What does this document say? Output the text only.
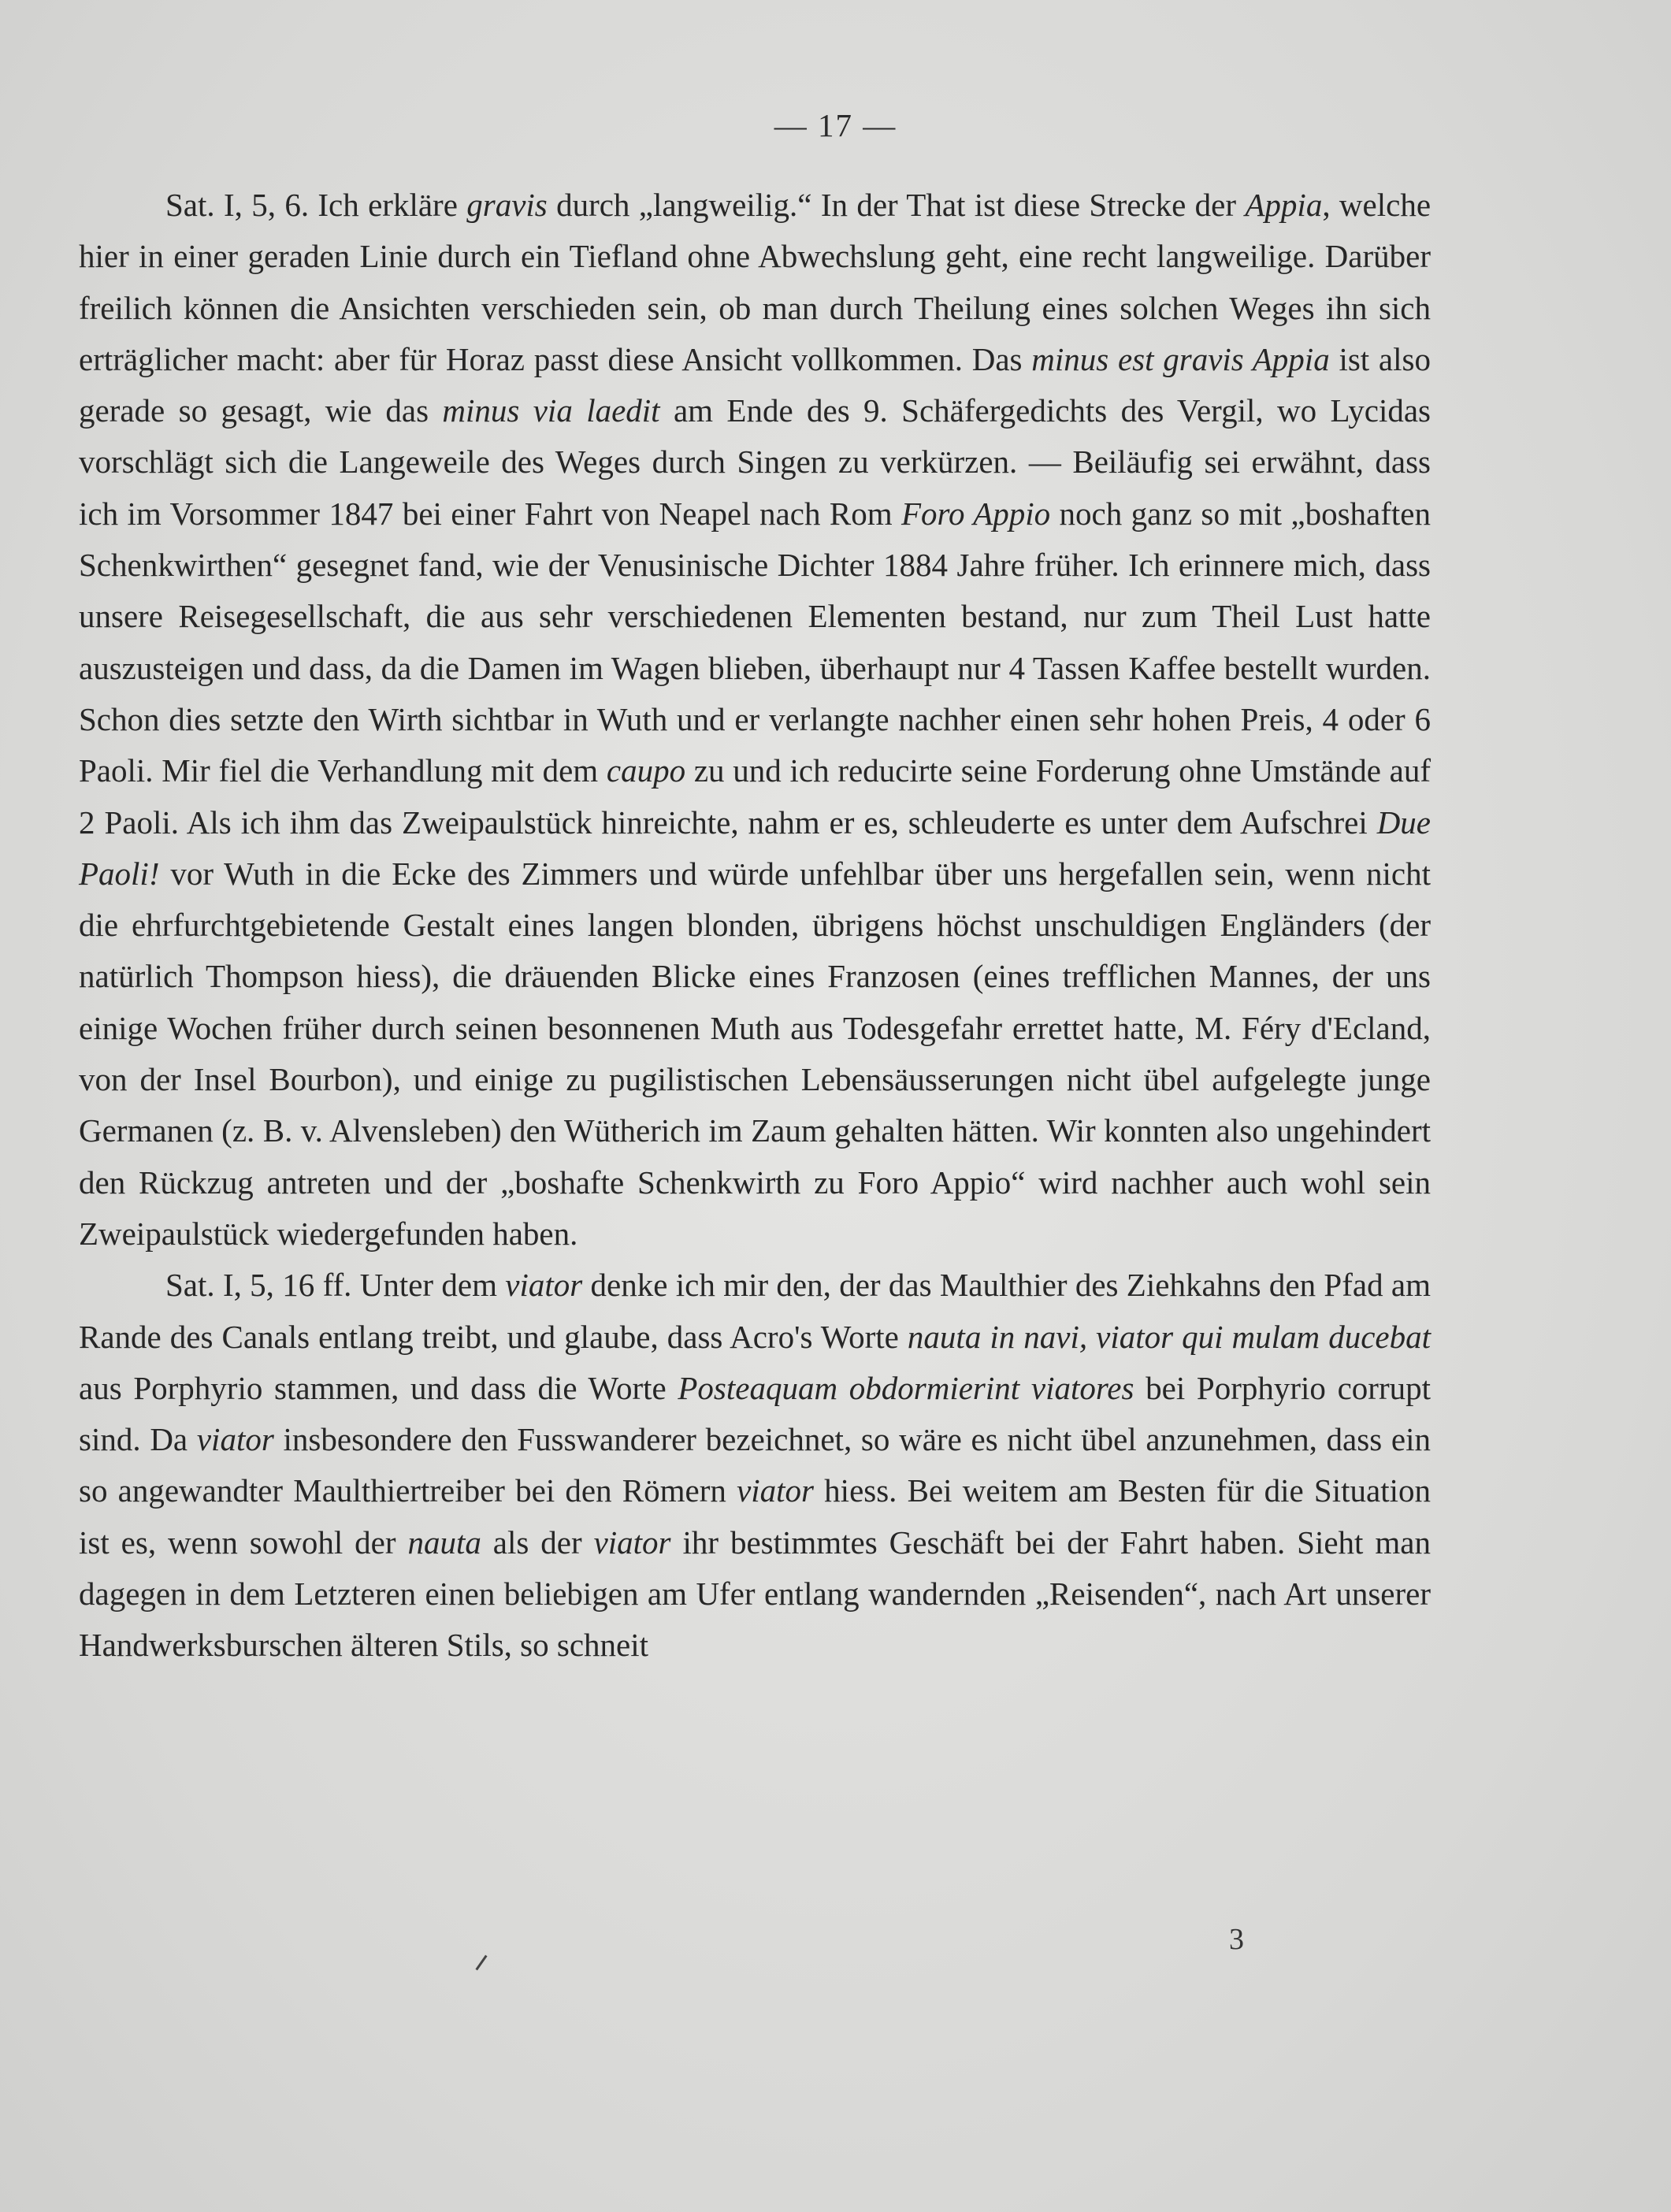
— 17 —

Sat. I, 5, 6. Ich erkläre gravis durch „langweilig.“ In der That ist diese Strecke der Appia, welche hier in einer geraden Linie durch ein Tiefland ohne Abwechslung geht, eine recht langweilige. Darüber freilich können die Ansichten verschieden sein, ob man durch Theilung eines solchen Weges ihn sich erträglicher macht: aber für Horaz passt diese Ansicht vollkommen. Das minus est gravis Appia ist also gerade so gesagt, wie das minus via laedit am Ende des 9. Schäfergedichts des Vergil, wo Lycidas vorschlägt sich die Langeweile des Weges durch Singen zu verkürzen. — Beiläufig sei erwähnt, dass ich im Vorsommer 1847 bei einer Fahrt von Neapel nach Rom Foro Appio noch ganz so mit „boshaften Schenkwirthen“ gesegnet fand, wie der Venusinische Dichter 1884 Jahre früher. Ich erinnere mich, dass unsere Reisegesellschaft, die aus sehr verschiedenen Elementen bestand, nur zum Theil Lust hatte auszusteigen und dass, da die Damen im Wagen blieben, überhaupt nur 4 Tassen Kaffee bestellt wurden. Schon dies setzte den Wirth sichtbar in Wuth und er verlangte nachher einen sehr hohen Preis, 4 oder 6 Paoli. Mir fiel die Verhandlung mit dem caupo zu und ich reducirte seine Forderung ohne Umstände auf 2 Paoli. Als ich ihm das Zweipaulstück hinreichte, nahm er es, schleuderte es unter dem Aufschrei Due Paoli! vor Wuth in die Ecke des Zimmers und würde unfehlbar über uns hergefallen sein, wenn nicht die ehrfurchtgebietende Gestalt eines langen blonden, übrigens höchst unschuldigen Engländers (der natürlich Thompson hiess), die dräuenden Blicke eines Franzosen (eines trefflichen Mannes, der uns einige Wochen früher durch seinen besonnenen Muth aus Todesgefahr errettet hatte, M. Féry d'Ecland, von der Insel Bourbon), und einige zu pugilistischen Lebensäusserungen nicht übel aufgelegte junge Germanen (z. B. v. Alvensleben) den Wütherich im Zaum gehalten hätten. Wir konnten also ungehindert den Rückzug antreten und der „boshafte Schenkwirth zu Foro Appio“ wird nachher auch wohl sein Zweipaulstück wiedergefunden haben.

Sat. I, 5, 16 ff. Unter dem viator denke ich mir den, der das Maulthier des Ziehkahns den Pfad am Rande des Canals entlang treibt, und glaube, dass Acro's Worte nauta in navi, viator qui mulam ducebat aus Porphyrio stammen, und dass die Worte Posteaquam obdormierint viatores bei Porphyrio corrupt sind. Da viator insbesondere den Fusswanderer bezeichnet, so wäre es nicht übel anzunehmen, dass ein so angewandter Maulthiertreiber bei den Römern viator hiess. Bei weitem am Besten für die Situation ist es, wenn sowohl der nauta als der viator ihr bestimmtes Geschäft bei der Fahrt haben. Sieht man dagegen in dem Letzteren einen beliebigen am Ufer entlang wandernden „Reisenden“, nach Art unserer Handwerksburschen älteren Stils, so schneit

3
